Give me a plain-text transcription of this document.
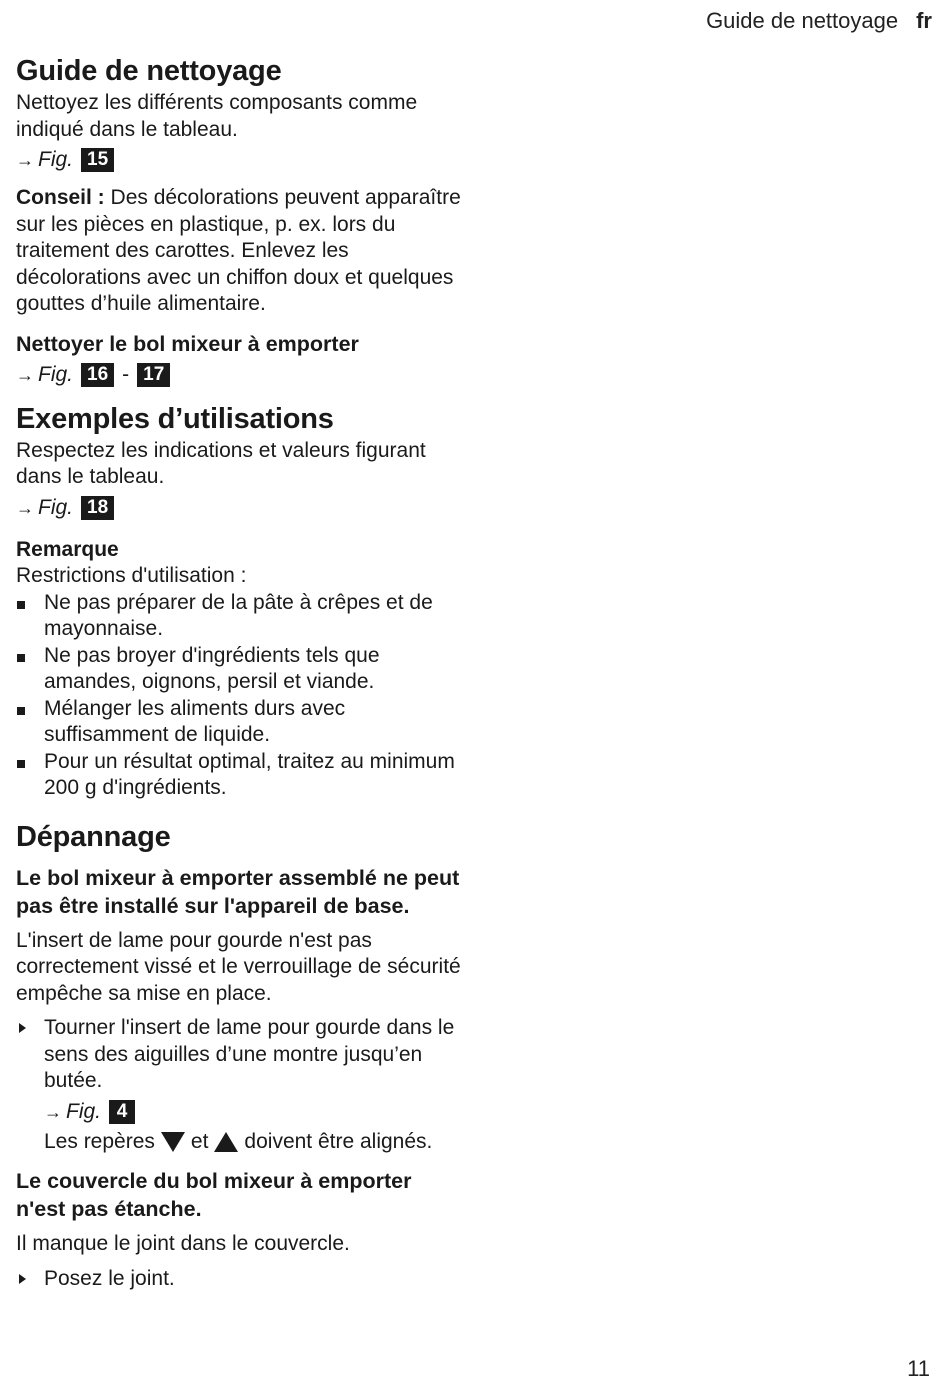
Guide de nettoyage fr
Guide de nettoyage

Nettoyez les différents composants comme indiqué dans le tableau.

→ Fig. 15

Conseil : Des décolorations peuvent apparaître sur les pièces en plastique, p. ex. lors du traitement des carottes. Enlevez les décolorations avec un chiffon doux et quelques gouttes d’huile alimentaire.

Nettoyer le bol mixeur à emporter
→ Fig. 16 - 17
Exemples d’utilisations

Respectez les indications et valeurs figurant dans le tableau.

→ Fig. 18

Remarque

Restrictions d'utilisation :

Ne pas préparer de la pâte à crêpes et de mayonnaise.
Ne pas broyer d'ingrédients tels que amandes, oignons, persil et viande.
Mélanger les aliments durs avec suffisamment de liquide.
Pour un résultat optimal, traitez au minimum 200 g d'ingrédients.
Dépannage
Le bol mixeur à emporter assemblé ne peut pas être installé sur l'appareil de base.

L'insert de lame pour gourde n'est pas correctement vissé et le verrouillage de sécurité empêche sa mise en place.

Tourner l'insert de lame pour gourde dans le sens des aiguilles d’une montre jusqu’en butée.

→ Fig. 4

Les repères et doivent être alignés.

Le couvercle du bol mixeur à emporter n'est pas étanche.

Il manque le joint dans le couvercle.

Posez le joint.

11
